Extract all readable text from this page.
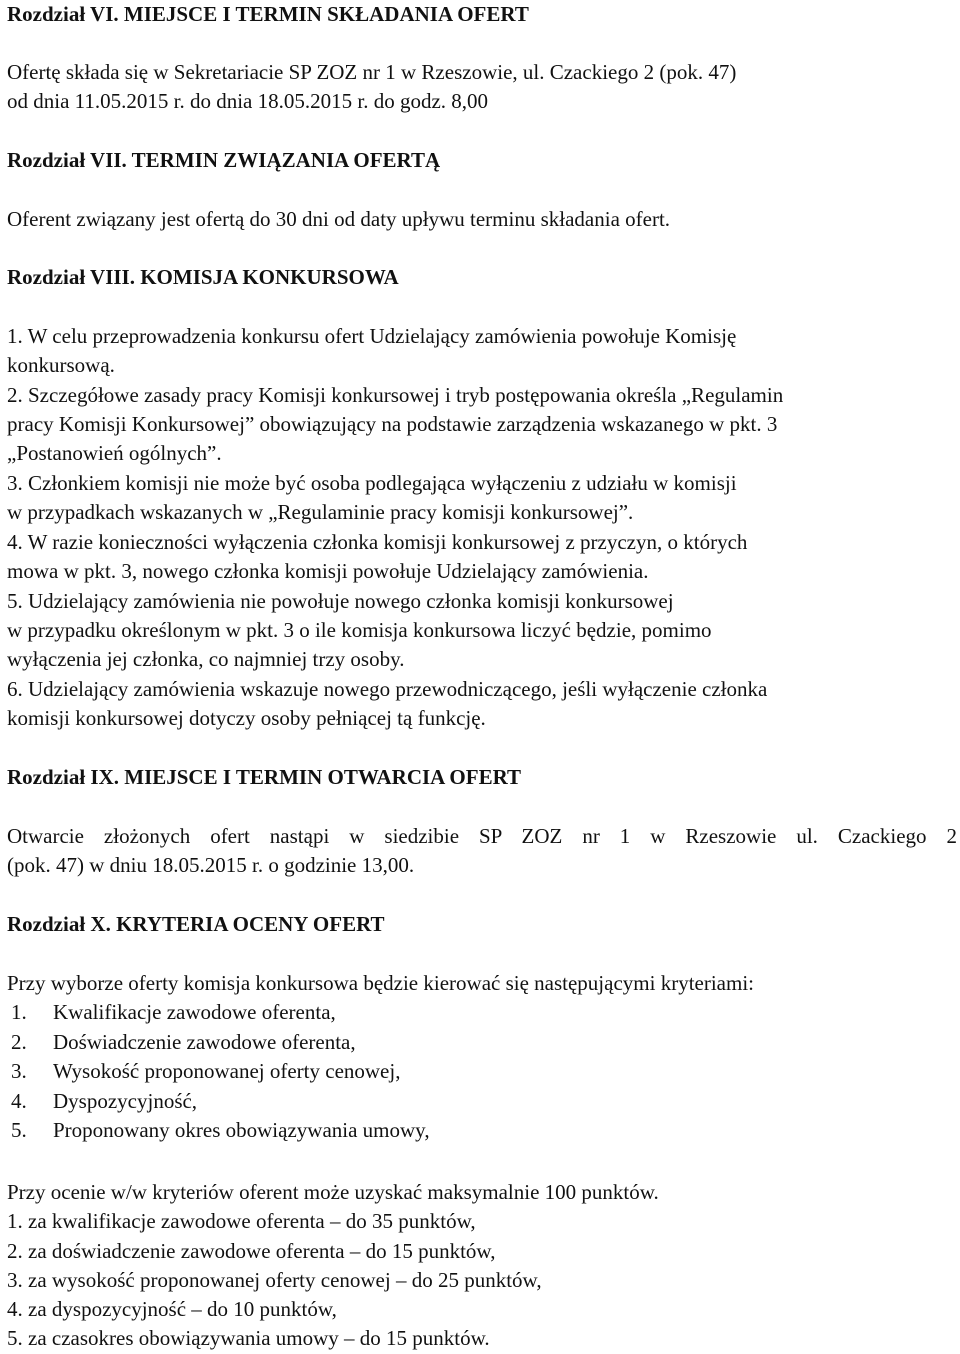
Rozdział VI. MIEJSCE I TERMIN SKŁADANIA OFERT
Ofertę składa się w Sekretariacie SP ZOZ nr 1 w Rzeszowie, ul. Czackiego 2 (pok. 47)
od dnia 11.05.2015 r. do dnia 18.05.2015 r. do godz. 8,00
Rozdział VII. TERMIN ZWIĄZANIA OFERTĄ
Oferent związany jest ofertą do 30 dni od daty upływu terminu składania ofert.
Rozdział VIII. KOMISJA KONKURSOWA
1. W celu przeprowadzenia konkursu ofert Udzielający zamówienia powołuje Komisję
konkursową.
2. Szczegółowe zasady pracy Komisji konkursowej i tryb postępowania określa „Regulamin
pracy Komisji Konkursowej” obowiązujący na podstawie zarządzenia wskazanego w pkt. 3
„Postanowień ogólnych”.
3. Członkiem komisji nie może być osoba podlegająca wyłączeniu z udziału w komisji
w przypadkach wskazanych w „Regulaminie pracy komisji konkursowej”.
4. W razie konieczności wyłączenia członka komisji konkursowej z przyczyn, o których
mowa w pkt. 3, nowego członka komisji powołuje Udzielający zamówienia.
5. Udzielający zamówienia nie powołuje nowego członka komisji konkursowej
w przypadku określonym w pkt. 3 o ile komisja konkursowa liczyć będzie, pomimo
wyłączenia jej członka, co najmniej trzy osoby.
6. Udzielający zamówienia wskazuje nowego przewodniczącego, jeśli wyłączenie członka
komisji konkursowej dotyczy osoby pełniącej tą funkcję.
Rozdział IX. MIEJSCE I TERMIN OTWARCIA OFERT
Otwarcie złożonych ofert nastąpi w siedzibie SP ZOZ nr 1 w Rzeszowie ul. Czackiego 2
(pok. 47) w dniu 18.05.2015 r. o godzinie 13,00.
Rozdział X. KRYTERIA OCENY OFERT
Przy wyborze oferty komisja konkursowa będzie kierować się następującymi kryteriami:
1. Kwalifikacje zawodowe oferenta,
2. Doświadczenie zawodowe oferenta,
3. Wysokość proponowanej oferty cenowej,
4. Dyspozycyjność,
5. Proponowany okres obowiązywania umowy,
Przy ocenie w/w kryteriów oferent może uzyskać maksymalnie 100 punktów.
1. za kwalifikacje zawodowe oferenta – do 35 punktów,
2. za doświadczenie zawodowe oferenta – do 15 punktów,
3. za wysokość proponowanej oferty cenowej – do 25 punktów,
4. za dyspozycyjność – do 10 punktów,
5. za czasokres obowiązywania umowy – do 15 punktów.
